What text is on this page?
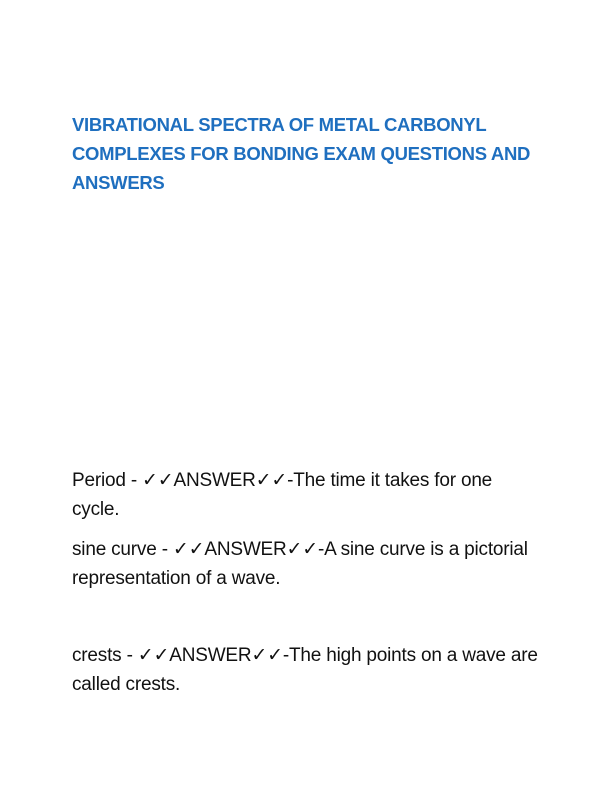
VIBRATIONAL SPECTRA OF METAL CARBONYL COMPLEXES FOR BONDING EXAM QUESTIONS AND ANSWERS

Period - ✓✓ANSWER✓✓-The time it takes for one cycle.

sine curve - ✓✓ANSWER✓✓-A sine curve is a pictorial representation of a wave.

crests - ✓✓ANSWER✓✓-The high points on a wave are called crests.
